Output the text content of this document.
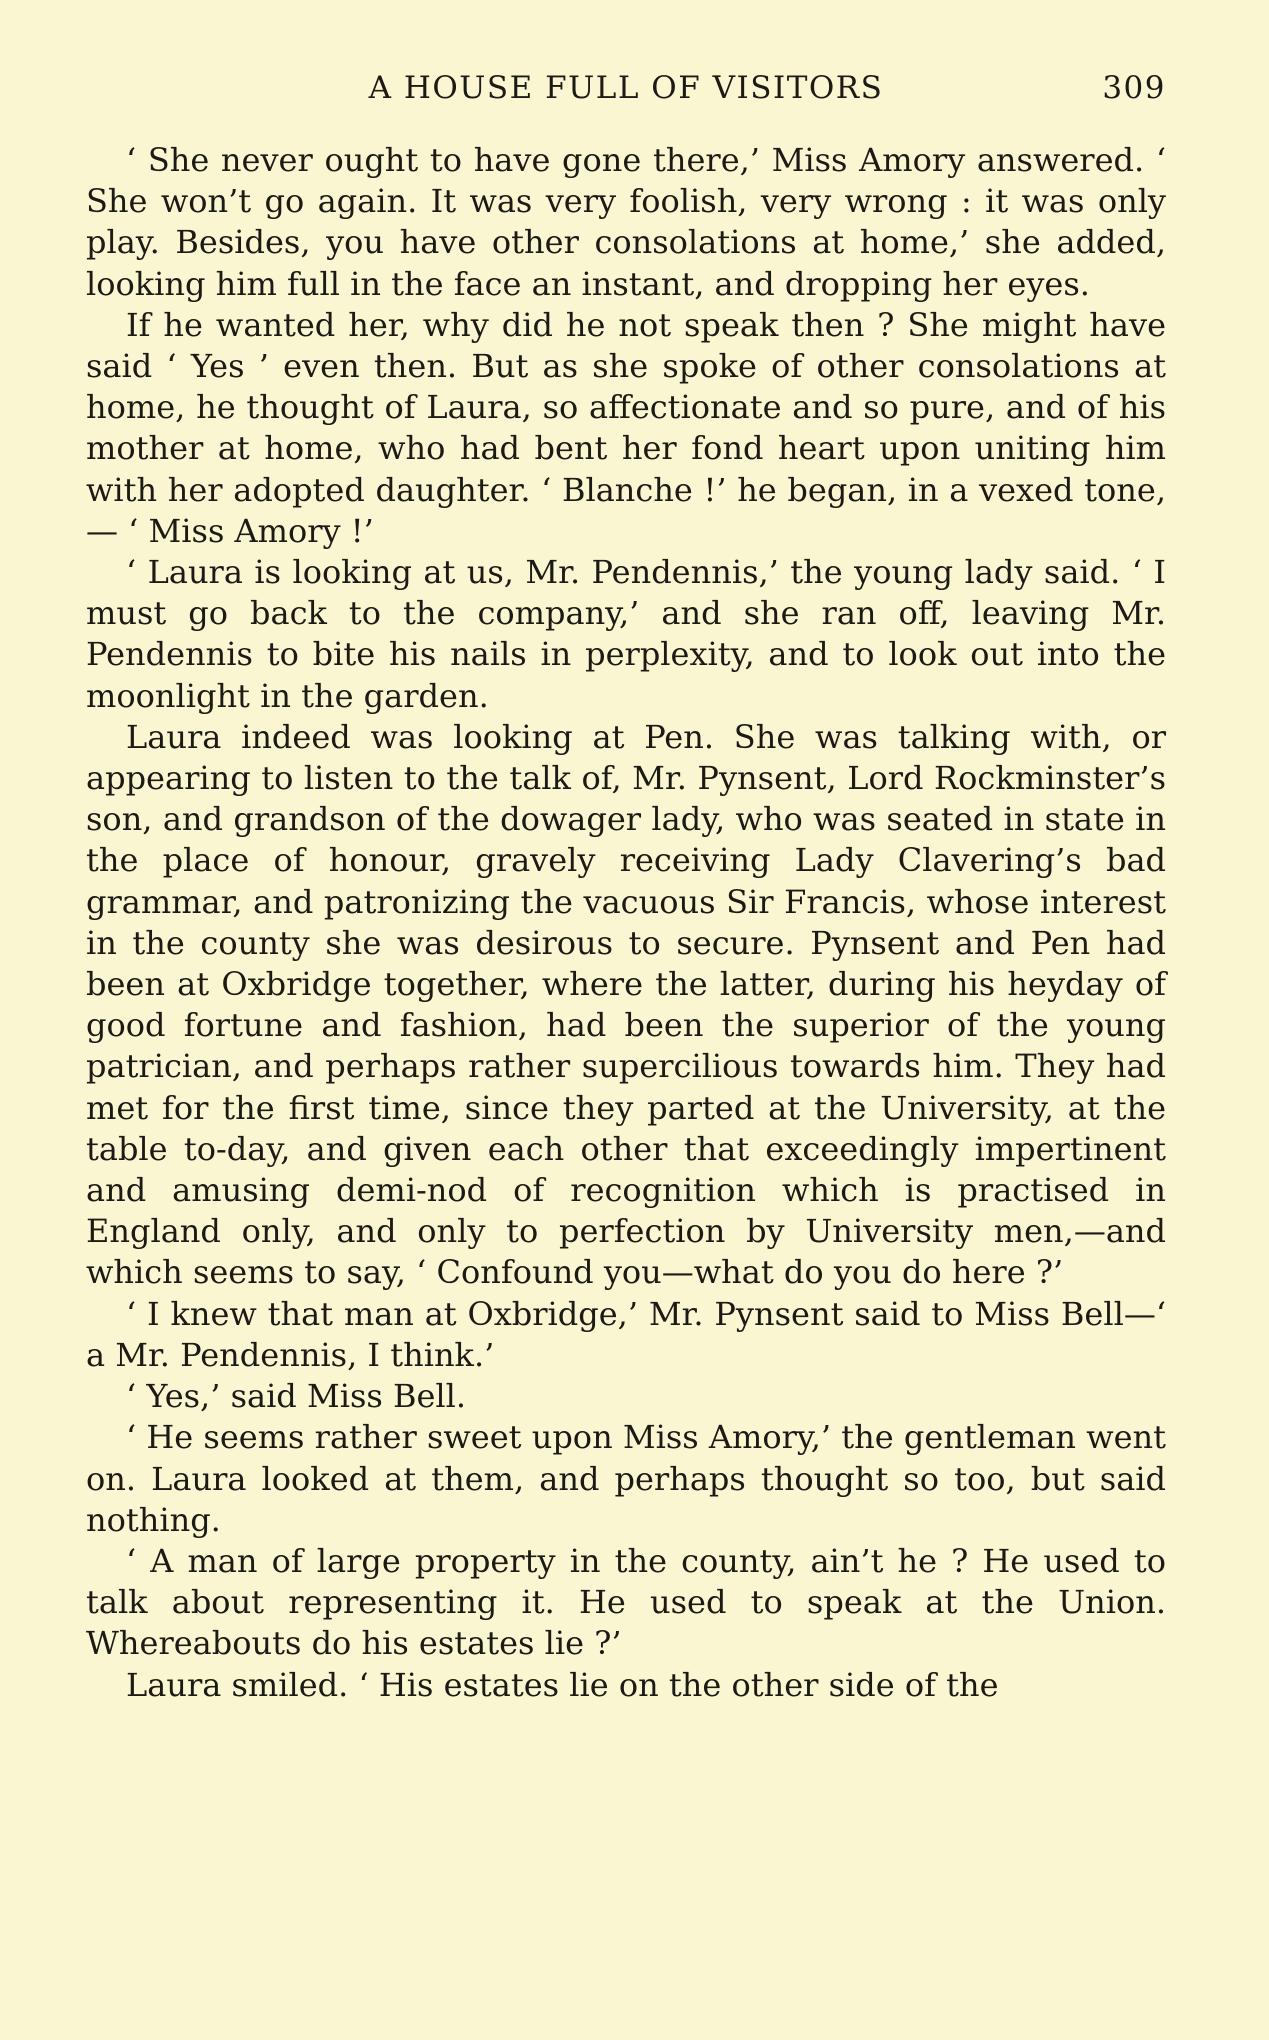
A HOUSE FULL OF VISITORS	309

‘ She never ought to have gone there,’ Miss Amory answered. ‘ She won’t go again. It was very foolish, very wrong : it was only play. Besides, you have other consolations at home,’ she added, looking him full in the face an instant, and dropping her eyes.

If he wanted her, why did he not speak then ? She might have said ‘ Yes ’ even then. But as she spoke of other consolations at home, he thought of Laura, so affectionate and so pure, and of his mother at home, who had bent her fond heart upon uniting him with her adopted daughter. ‘ Blanche !’ he began, in a vexed tone,— ‘ Miss Amory !’

‘ Laura is looking at us, Mr. Pendennis,’ the young lady said. ‘ I must go back to the company,’ and she ran off, leaving Mr. Pendennis to bite his nails in perplexity, and to look out into the moonlight in the garden.

Laura indeed was looking at Pen. She was talking with, or appearing to listen to the talk of, Mr. Pynsent, Lord Rockminster’s son, and grandson of the dowager lady, who was seated in state in the place of honour, gravely receiving Lady Clavering’s bad grammar, and patronizing the vacuous Sir Francis, whose interest in the county she was desirous to secure. Pynsent and Pen had been at Oxbridge together, where the latter, during his heyday of good fortune and fashion, had been the superior of the young patrician, and perhaps rather supercilious towards him. They had met for the first time, since they parted at the University, at the table to-day, and given each other that exceedingly impertinent and amusing demi-nod of recognition which is practised in England only, and only to perfection by University men,—and which seems to say, ‘ Confound you—what do you do here ?’

‘ I knew that man at Oxbridge,’ Mr. Pynsent said to Miss Bell—‘ a Mr. Pendennis, I think.’

‘ Yes,’ said Miss Bell.

‘ He seems rather sweet upon Miss Amory,’ the gentleman went on. Laura looked at them, and perhaps thought so too, but said nothing.

‘ A man of large property in the county, ain’t he ? He used to talk about representing it. He used to speak at the Union. Whereabouts do his estates lie ?’

Laura smiled. ‘ His estates lie on the other side of the
